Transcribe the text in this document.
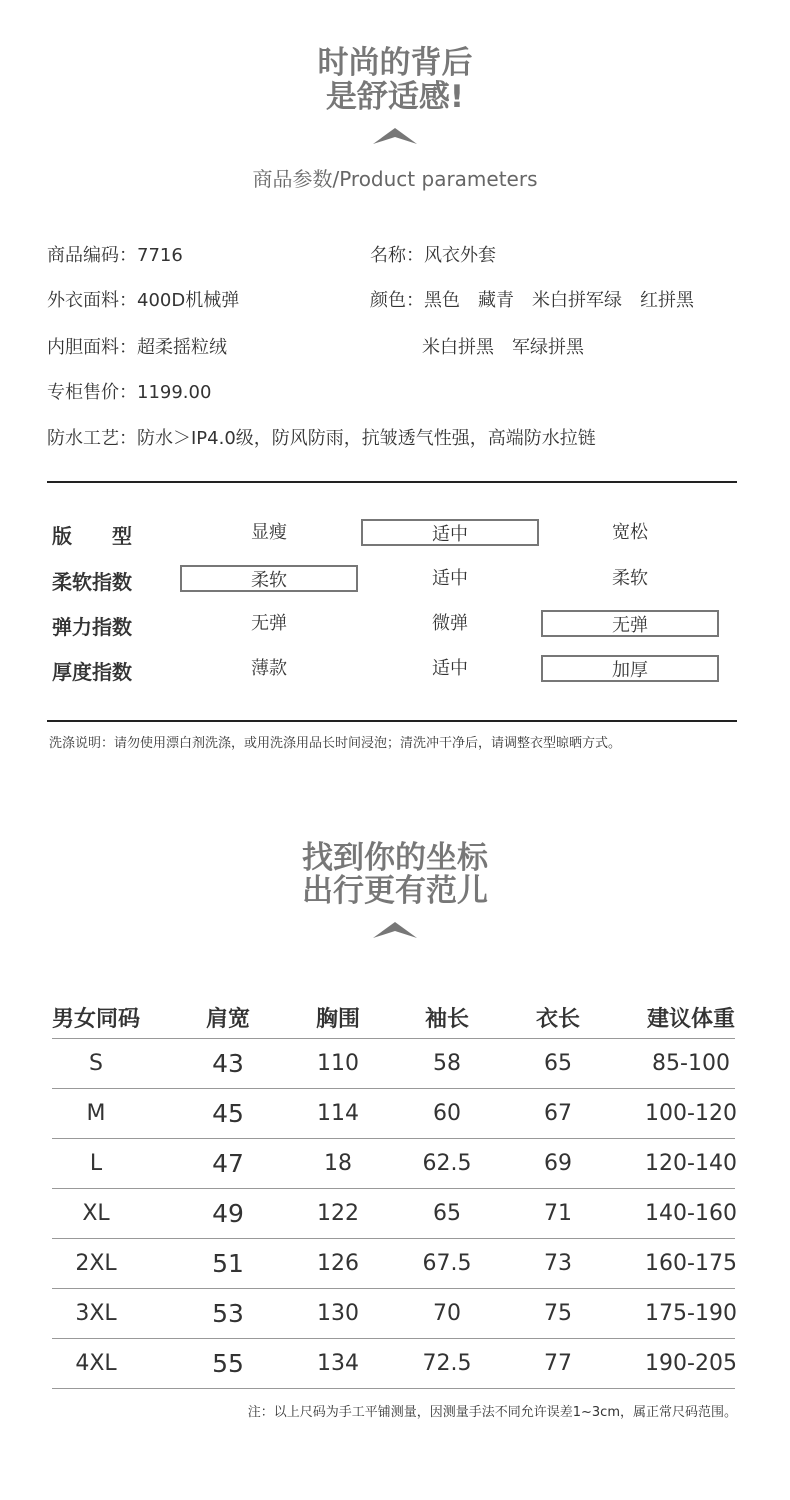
时尚的背后
是舒适感!
商品参数/Product parameters
商品编码：7716	名称：风衣外套
外衣面料：400D机械弹	颜色：黑色　藏青　米白拼军绿　红拼黑
内胆面料：超柔摇粒绒	米白拼黑　军绿拼黑
专柜售价：1199.00
防水工艺：防水＞IP4.0级，防风防雨，抗皱透气性强，高端防水拉链
版　　型	显瘦	适中	宽松
柔软指数	柔软	适中	柔软
弹力指数	无弹	微弹	无弹
厚度指数	薄款	适中	加厚
洗涤说明：请勿使用漂白剂洗涤，或用洗涤用品长时间浸泡；清洗冲干净后，请调整衣型晾晒方式。
找到你的坐标
出行更有范儿
男女同码	肩宽	胸围	袖长	衣长	建议体重
S	43	110	58	65	85-100
M	45	114	60	67	100-120
L	47	18	62.5	69	120-140
XL	49	122	65	71	140-160
2XL	51	126	67.5	73	160-175
3XL	53	130	70	75	175-190
4XL	55	134	72.5	77	190-205
注：以上尺码为手工平铺测量，因测量手法不同允许误差1~3cm，属正常尺码范围。
